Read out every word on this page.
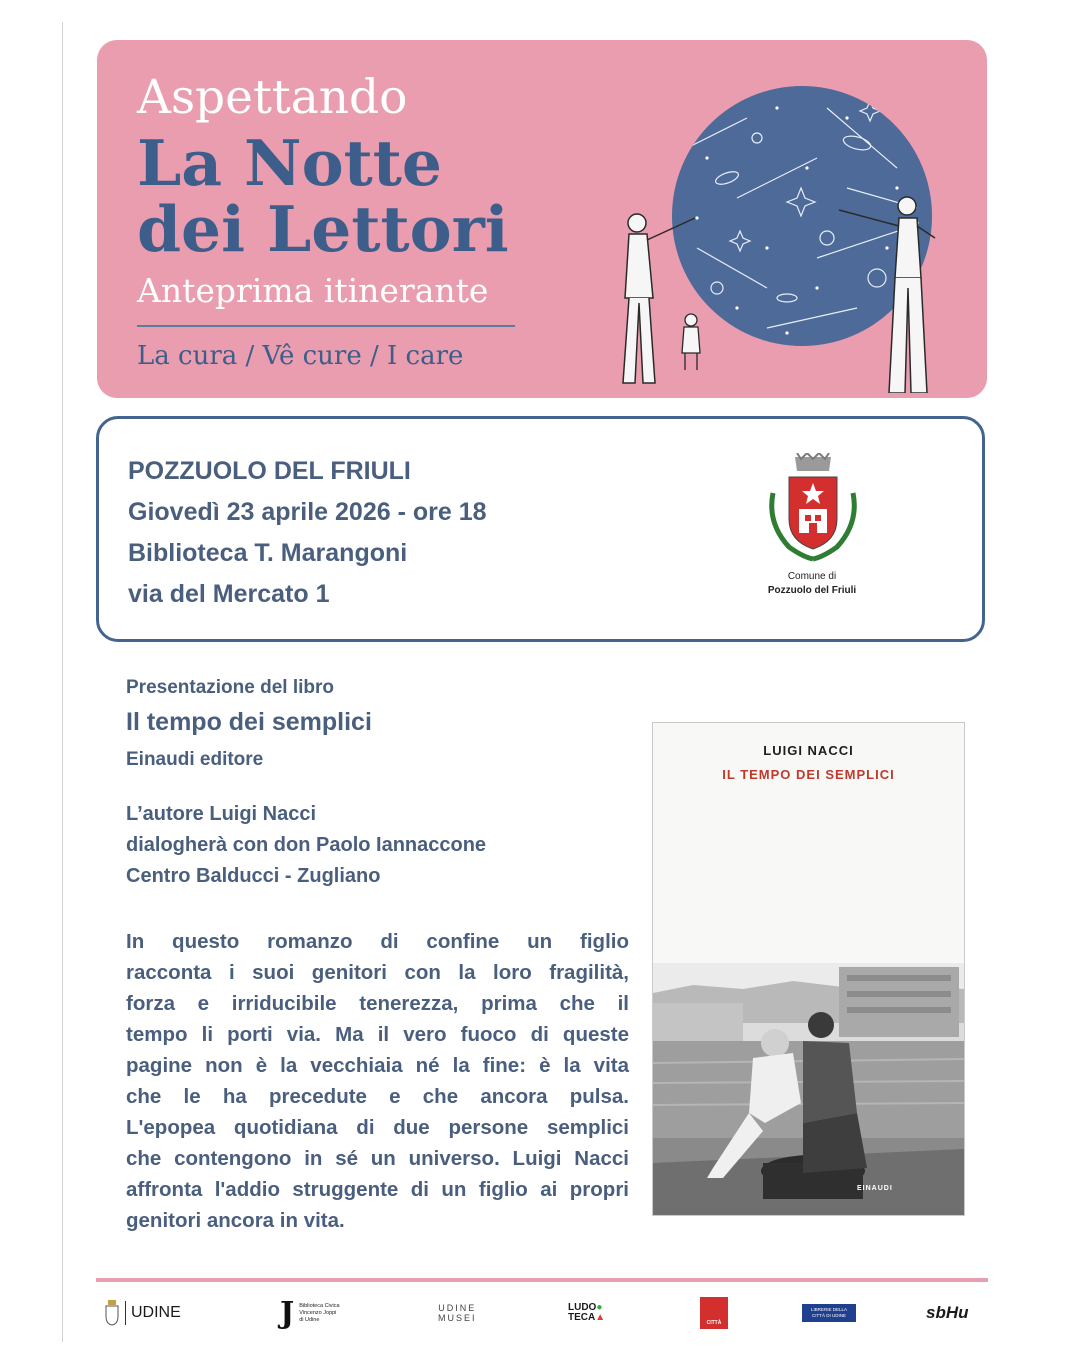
Aspettando
La Notte
dei Lettori
Anteprima itinerante
La cura / Vê cure / I care
POZZUOLO DEL FRIULI
Giovedì 23 aprile 2026 - ore 18
Biblioteca T. Marangoni
via del Mercato 1
Comune di
Pozzuolo del Friuli
Presentazione del libro
Il tempo dei semplici
Einaudi editore
L’autore Luigi Nacci
dialogherà con don Paolo Iannaccone
Centro Balducci - Zugliano

In questo romanzo di confine un figlio

racconta i suoi genitori con la loro fragilità,

forza e irriducibile tenerezza, prima che il

tempo li porti via. Ma il vero fuoco di queste

pagine non è la vecchiaia né la fine: è la vita

che le ha precedute e che ancora pulsa.

L'epopea quotidiana di due persone semplici

che contengono in sé un universo. Luigi Nacci

affronta l'addio struggente di un figlio ai propri

genitori ancora in vita.

LUIGI NACCI
IL TEMPO DEI SEMPLICI
EINAUDI
UDINE	J Biblioteca Civica
Vincenzo Joppi
di Udine
UDINE
MUSEI
LUDO●
TECA▲	CITTÀ
LIBRERIE DELLA
CITTÀ DI UDINE	sbHu
